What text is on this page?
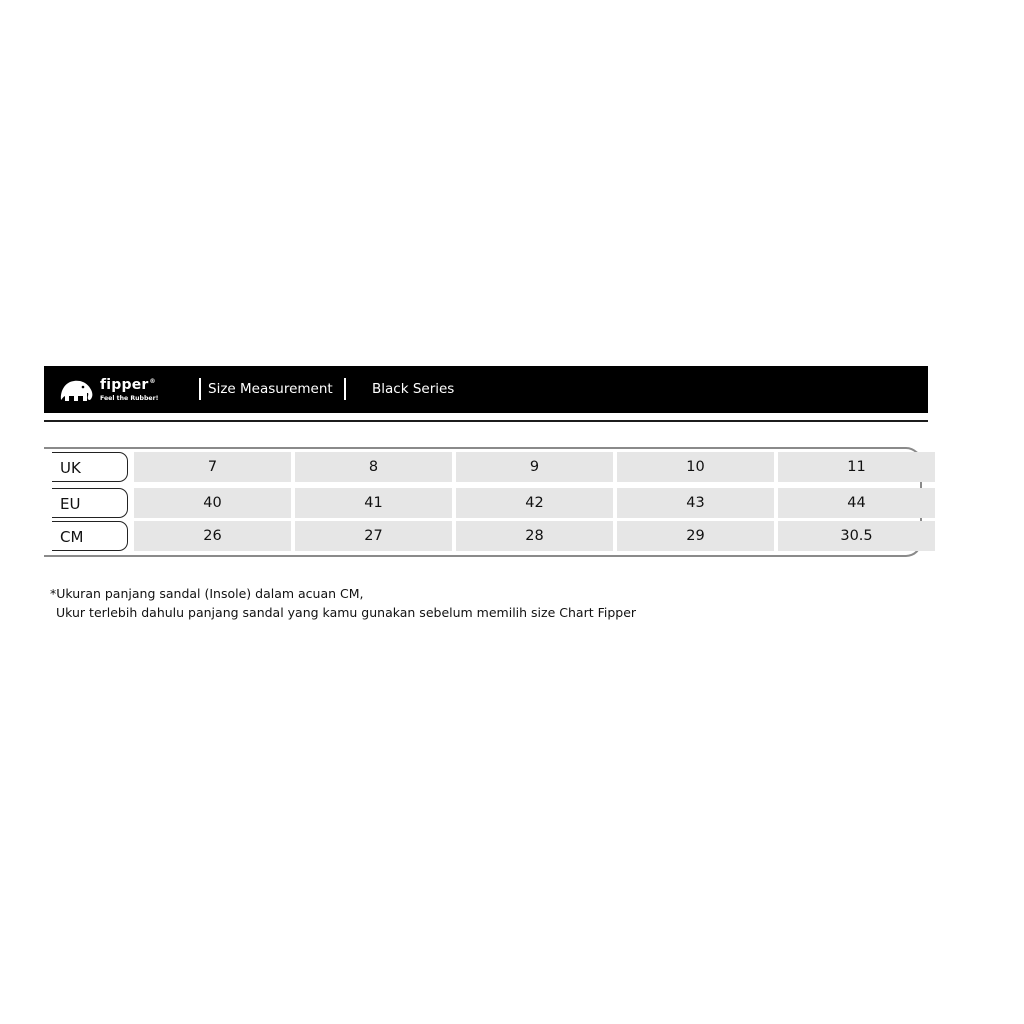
fipper®
Feel the Rubber!
Size Measurement	Black Series
UK	7	8	9	10	11
EU	40	41	42	43	44
CM	26	27	28	29	30.5
*Ukuran panjang sandal (Insole) dalam acuan CM,
Ukur terlebih dahulu panjang sandal yang kamu gunakan sebelum memilih size Chart Fipper
